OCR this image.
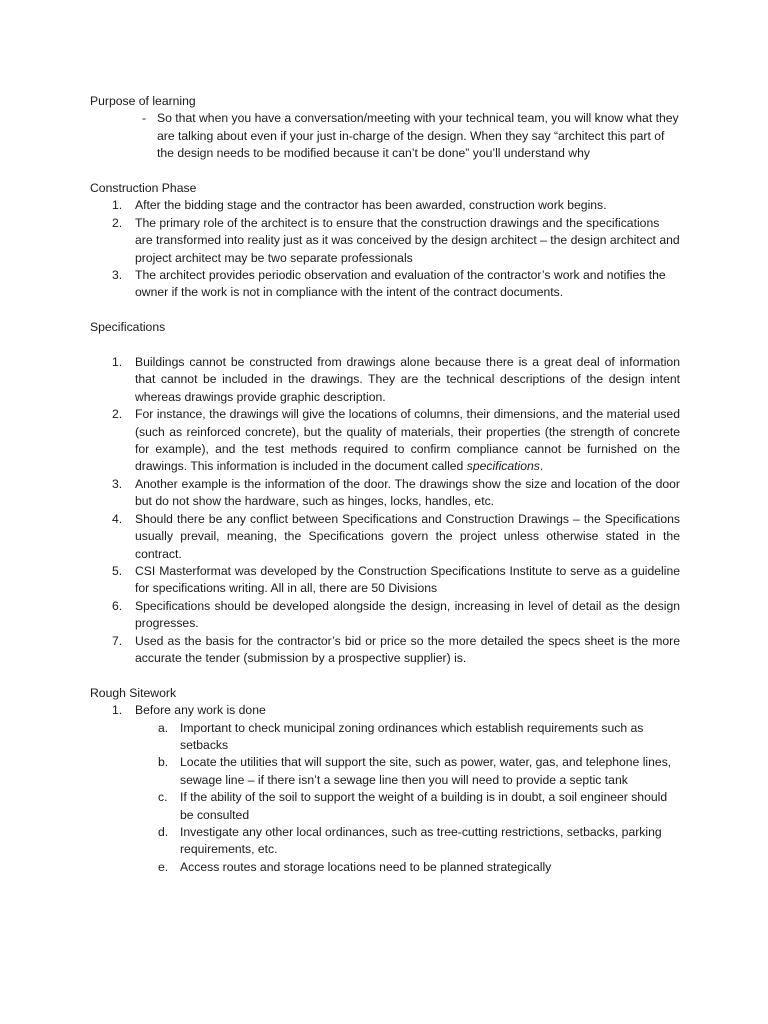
Purpose of learning
- So that when you have a conversation/meeting with your technical team, you will know what they are talking about even if your just in-charge of the design. When they say “architect this part of the design needs to be modified because it can’t be done” you’ll understand why
Construction Phase
1.	After the bidding stage and the contractor has been awarded, construction work begins.
2.	The primary role of the architect is to ensure that the construction drawings and the specifications are transformed into reality just as it was conceived by the design architect – the design architect and project architect may be two separate professionals
3.	The architect provides periodic observation and evaluation of the contractor’s work and notifies the owner if the work is not in compliance with the intent of the contract documents.
Specifications
1.	Buildings cannot be constructed from drawings alone because there is a great deal of information that cannot be included in the drawings. They are the technical descriptions of the design intent whereas drawings provide graphic description.
2.	For instance, the drawings will give the locations of columns, their dimensions, and the material used (such as reinforced concrete), but the quality of materials, their properties (the strength of concrete for example), and the test methods required to confirm compliance cannot be furnished on the drawings. This information is included in the document called specifications.
3.	Another example is the information of the door. The drawings show the size and location of the door but do not show the hardware, such as hinges, locks, handles, etc.
4.	Should there be any conflict between Specifications and Construction Drawings – the Specifications usually prevail, meaning, the Specifications govern the project unless otherwise stated in the contract.
5.	CSI Masterformat was developed by the Construction Specifications Institute to serve as a guideline for specifications writing. All in all, there are 50 Divisions
6.	Specifications should be developed alongside the design, increasing in level of detail as the design progresses.
7.	Used as the basis for the contractor’s bid or price so the more detailed the specs sheet is the more accurate the tender (submission by a prospective supplier) is.
Rough Sitework
1.	Before any work is done
a. Important to check municipal zoning ordinances which establish requirements such as setbacks
b. Locate the utilities that will support the site, such as power, water, gas, and telephone lines, sewage line – if there isn’t a sewage line then you will need to provide a septic tank
c.	If the ability of the soil to support the weight of a building is in doubt, a soil engineer should be consulted
d. Investigate any other local ordinances, such as tree-cutting restrictions, setbacks, parking requirements, etc.
e. Access routes and storage locations need to be planned strategically
